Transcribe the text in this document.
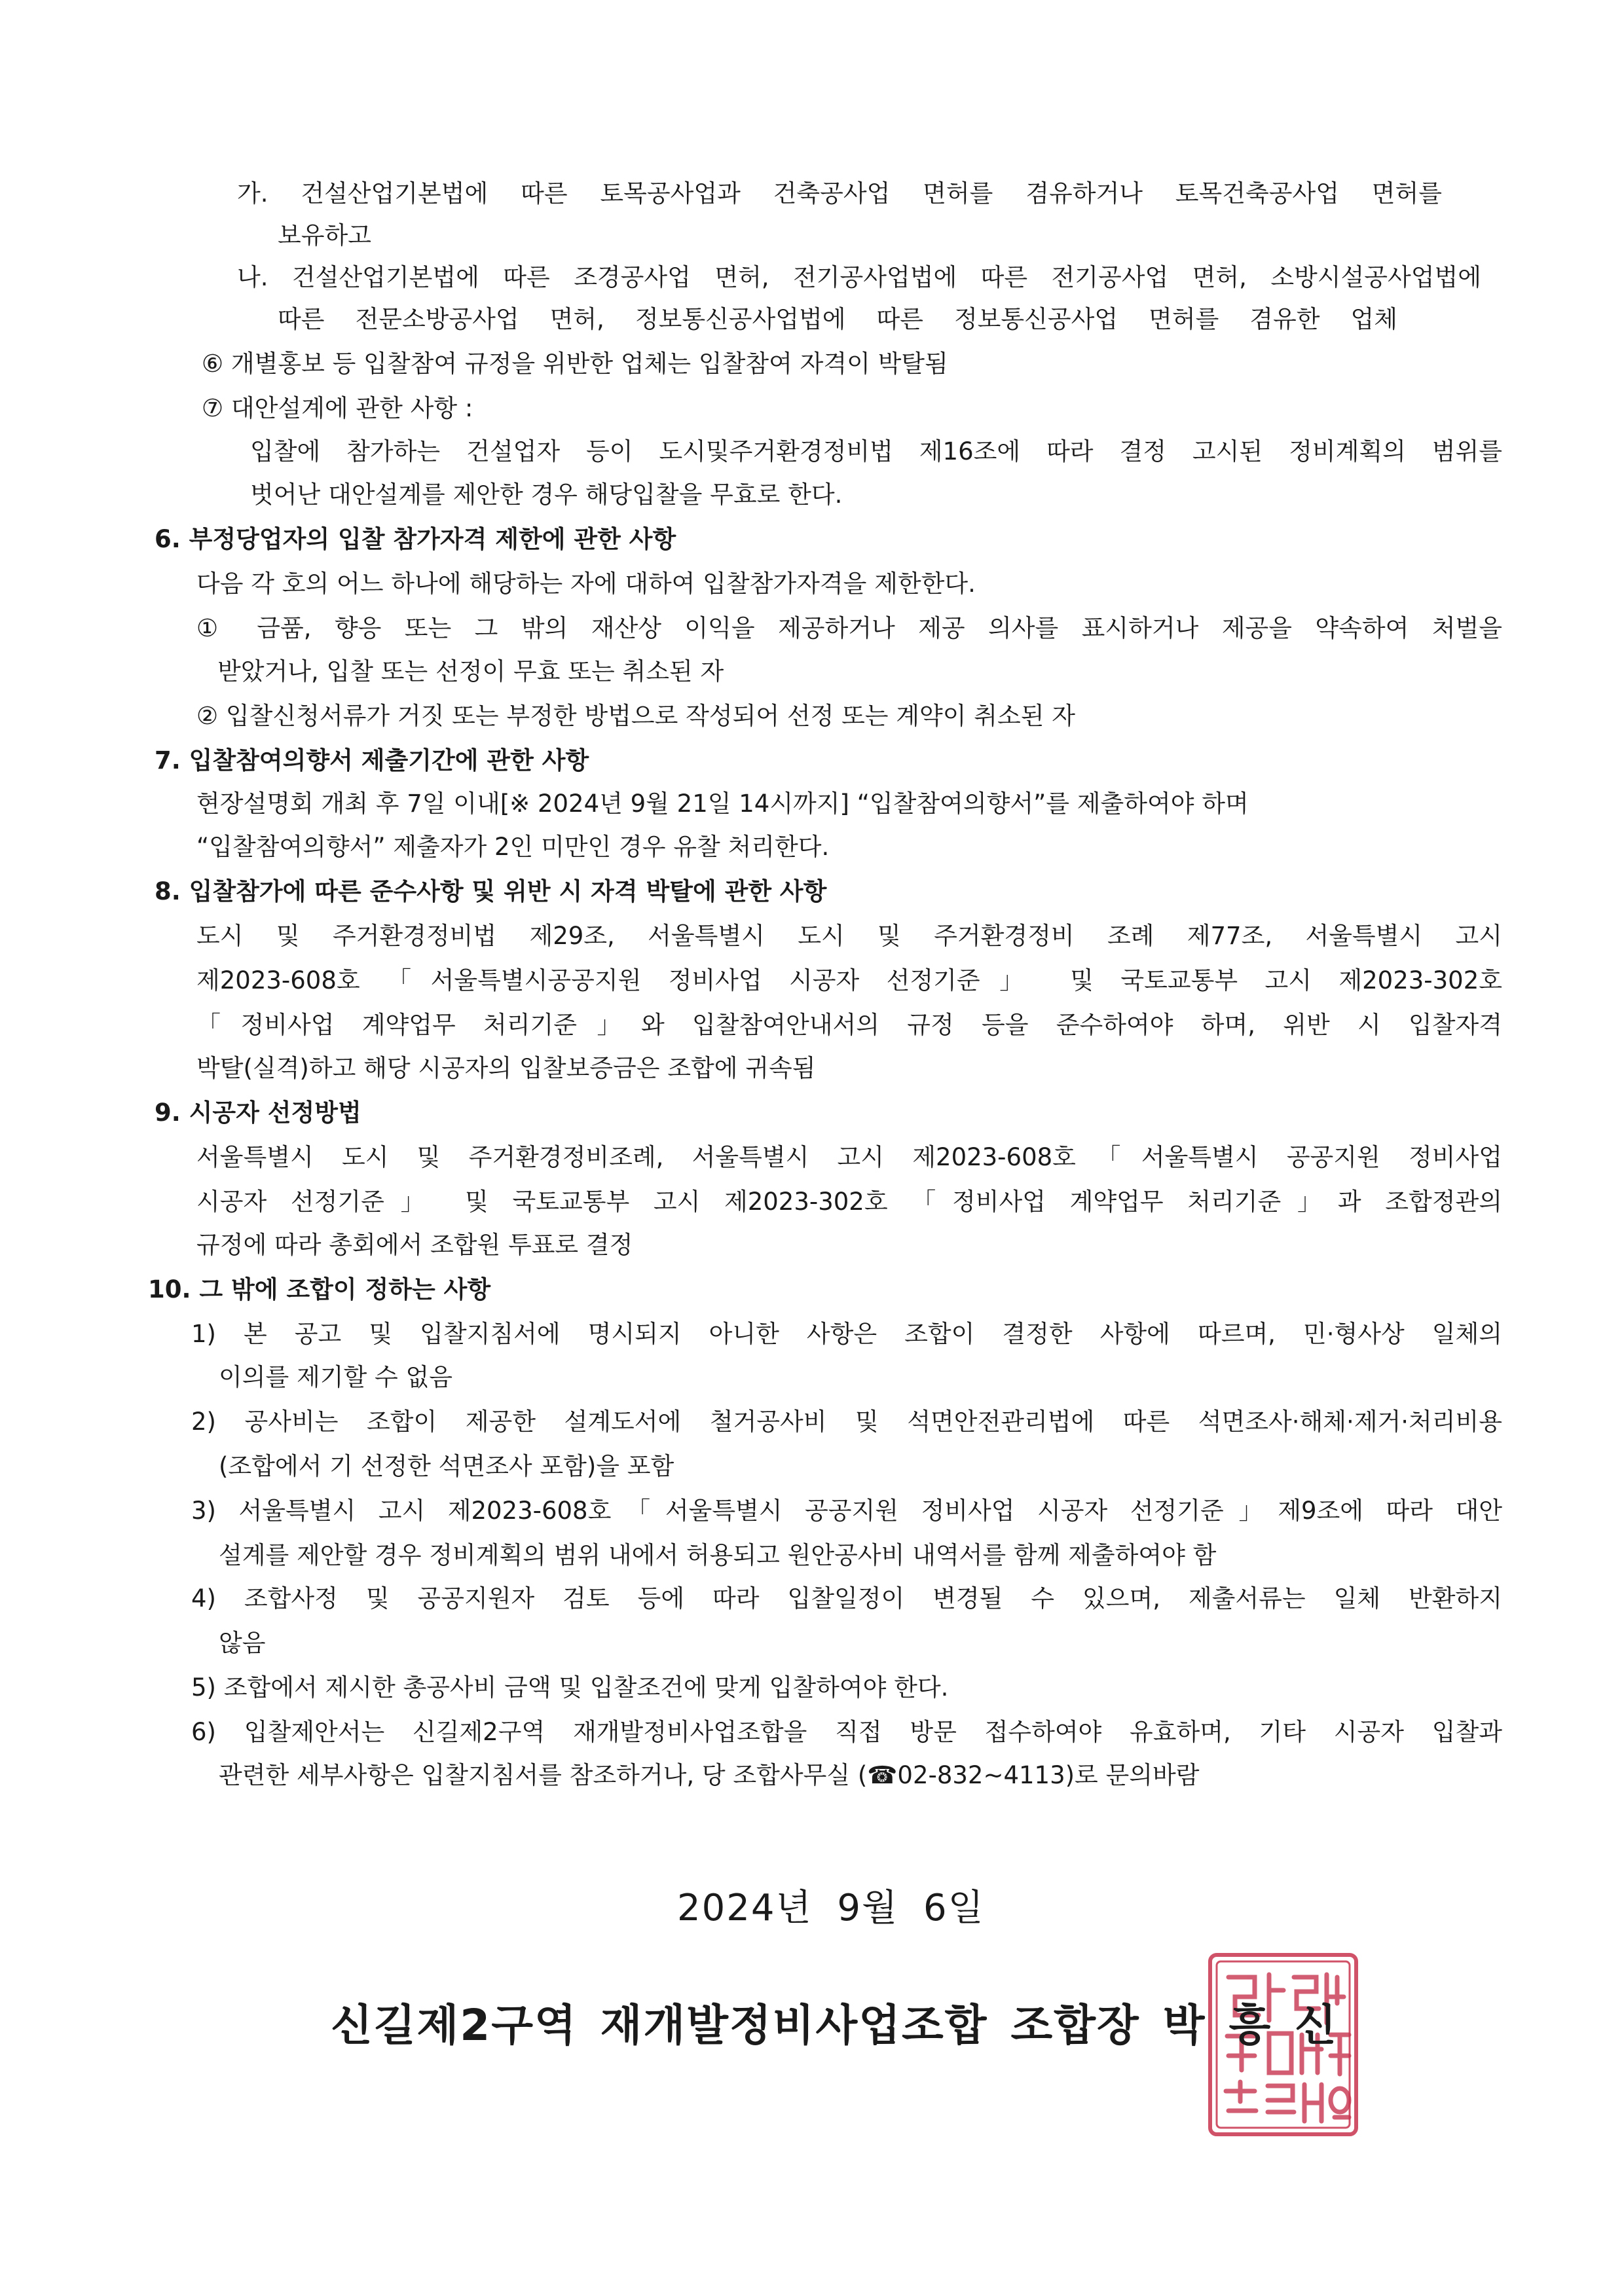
가. 건설산업기본법에 따른 토목공사업과 건축공사업 면허를 겸유하거나 토목건축공사업 면허를
보유하고
나. 건설산업기본법에 따른 조경공사업 면허, 전기공사업법에 따른 전기공사업 면허, 소방시설공사업법에
따른 전문소방공사업 면허, 정보통신공사업법에 따른 정보통신공사업 면허를 겸유한 업체
⑥ 개별홍보 등 입찰참여 규정을 위반한 업체는 입찰참여 자격이 박탈됨
⑦ 대안설계에 관한 사항 :
입찰에 참가하는 건설업자 등이 도시및주거환경정비법 제16조에 따라 결정 고시된 정비계획의 범위를
벗어난 대안설계를 제안한 경우 해당입찰을 무효로 한다.
6. 부정당업자의 입찰 참가자격 제한에 관한 사항
다음 각 호의 어느 하나에 해당하는 자에 대하여 입찰참가자격을 제한한다.
① 금품, 향응 또는 그 밖의 재산상 이익을 제공하거나 제공 의사를 표시하거나 제공을 약속하여 처벌을
받았거나, 입찰 또는 선정이 무효 또는 취소된 자
② 입찰신청서류가 거짓 또는 부정한 방법으로 작성되어 선정 또는 계약이 취소된 자
7. 입찰참여의향서 제출기간에 관한 사항
현장설명회 개최 후 7일 이내[※ 2024년 9월 21일 14시까지] “입찰참여의향서”를 제출하여야 하며
“입찰참여의향서” 제출자가 2인 미만인 경우 유찰 처리한다.
8. 입찰참가에 따른 준수사항 및 위반 시 자격 박탈에 관한 사항
도시 및 주거환경정비법 제29조, 서울특별시 도시 및 주거환경정비 조례 제77조, 서울특별시 고시
제2023-608호 「서울특별시공공지원 정비사업 시공자 선정기준」 및 국토교통부 고시 제2023-302호
「정비사업 계약업무 처리기준」와 입찰참여안내서의 규정 등을 준수하여야 하며, 위반 시 입찰자격
박탈(실격)하고 해당 시공자의 입찰보증금은 조합에 귀속됨
9. 시공자 선정방법
서울특별시 도시 및 주거환경정비조례, 서울특별시 고시 제2023-608호「서울특별시 공공지원 정비사업
시공자 선정기준」 및 국토교통부 고시 제2023-302호 「정비사업 계약업무 처리기준」과 조합정관의
규정에 따라 총회에서 조합원 투표로 결정
10. 그 밖에 조합이 정하는 사항
1) 본 공고 및 입찰지침서에 명시되지 아니한 사항은 조합이 결정한 사항에 따르며, 민·형사상 일체의
이의를 제기할 수 없음
2) 공사비는 조합이 제공한 설계도서에 철거공사비 및 석면안전관리법에 따른 석면조사·해체·제거·처리비용
(조합에서 기 선정한 석면조사 포함)을 포함
3) 서울특별시 고시 제2023-608호「서울특별시 공공지원 정비사업 시공자 선정기준」제9조에 따라 대안
설계를 제안할 경우 정비계획의 범위 내에서 허용되고 원안공사비 내역서를 함께 제출하여야 함
4) 조합사정 및 공공지원자 검토 등에 따라 입찰일정이 변경될 수 있으며, 제출서류는 일체 반환하지
않음
5) 조합에서 제시한 총공사비 금액 및 입찰조건에 맞게 입찰하여야 한다.
6) 입찰제안서는 신길제2구역 재개발정비사업조합을 직접 방문 접수하여야 유효하며, 기타 시공자 입찰과
관련한 세부사항은 입찰지침서를 참조하거나, 당 조합사무실 (☎02-832~4113)로 문의바람
2024년 9월 6일
신길제2구역 재개발정비사업조합 조합장 박 흥 신
